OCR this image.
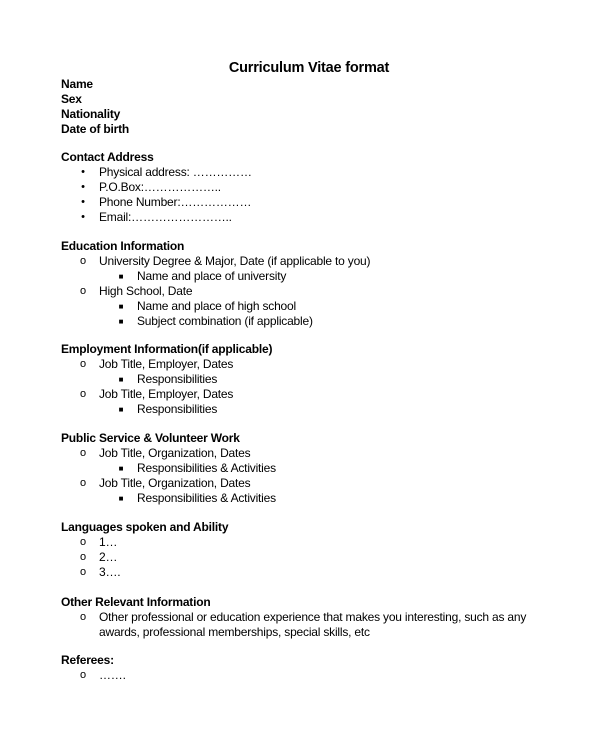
Curriculum Vitae format
Name
Sex
Nationality
Date of birth
Contact Address
•	Physical address: ……………
•	P.O.Box:………………..
•	Phone Number:………………
•	Email:……………………..
Education Information
o	University Degree & Major, Date (if applicable to you)
■	Name and place of university
o	High School, Date
■	Name and place of high school
■	Subject combination (if applicable)
Employment Information(if applicable)
o	Job Title, Employer, Dates
■	Responsibilities
o	Job Title, Employer, Dates
■	Responsibilities
Public Service & Volunteer Work
o	Job Title, Organization, Dates
■	Responsibilities & Activities
o	Job Title, Organization, Dates
■	Responsibilities & Activities
Languages spoken and Ability
o	1…
o	2…
o	3….
Other Relevant Information
o	Other professional or education experience that makes you interesting, such as any awards, professional memberships, special skills, etc
Referees:
o	…….
